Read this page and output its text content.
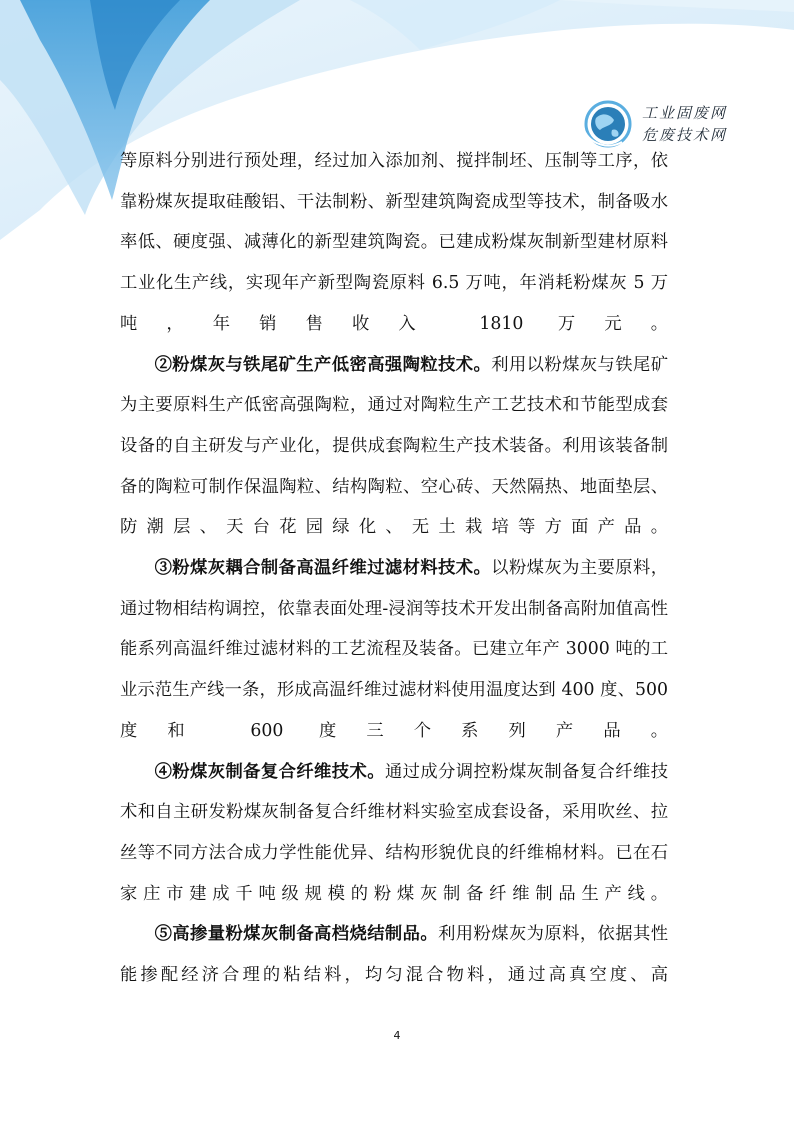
工业固废网
危废技术网

等原料分别进行预处理，经过加入添加剂、搅拌制坯、压制等工序，依靠粉煤灰提取硅酸铝、干法制粉、新型建筑陶瓷成型等技术，制备吸水率低、硬度强、减薄化的新型建筑陶瓷。已建成粉煤灰制新型建材原料工业化生产线，实现年产新型陶瓷原料 6.5 万吨，年消耗粉煤灰 5 万吨，年销售收入 1810 万元。

②粉煤灰与铁尾矿生产低密高强陶粒技术。利用以粉煤灰与铁尾矿为主要原料生产低密高强陶粒，通过对陶粒生产工艺技术和节能型成套设备的自主研发与产业化，提供成套陶粒生产技术装备。利用该装备制备的陶粒可制作保温陶粒、结构陶粒、空心砖、天然隔热、地面垫层、防潮层、天台花园绿化、无土栽培等方面产品。

③粉煤灰耦合制备高温纤维过滤材料技术。以粉煤灰为主要原料，通过物相结构调控，依靠表面处理-浸润等技术开发出制备高附加值高性能系列高温纤维过滤材料的工艺流程及装备。已建立年产 3000 吨的工业示范生产线一条，形成高温纤维过滤材料使用温度达到 400 度、500 度和 600 度三个系列产品。

④粉煤灰制备复合纤维技术。通过成分调控粉煤灰制备复合纤维技术和自主研发粉煤灰制备复合纤维材料实验室成套设备，采用吹丝、拉丝等不同方法合成力学性能优异、结构形貌优良的纤维棉材料。已在石家庄市建成千吨级规模的粉煤灰制备纤维制品生产线。

⑤高掺量粉煤灰制备高档烧结制品。利用粉煤灰为原料，依据其性能掺配经济合理的粘结料，均匀混合物料，通过高真空度、高

4
